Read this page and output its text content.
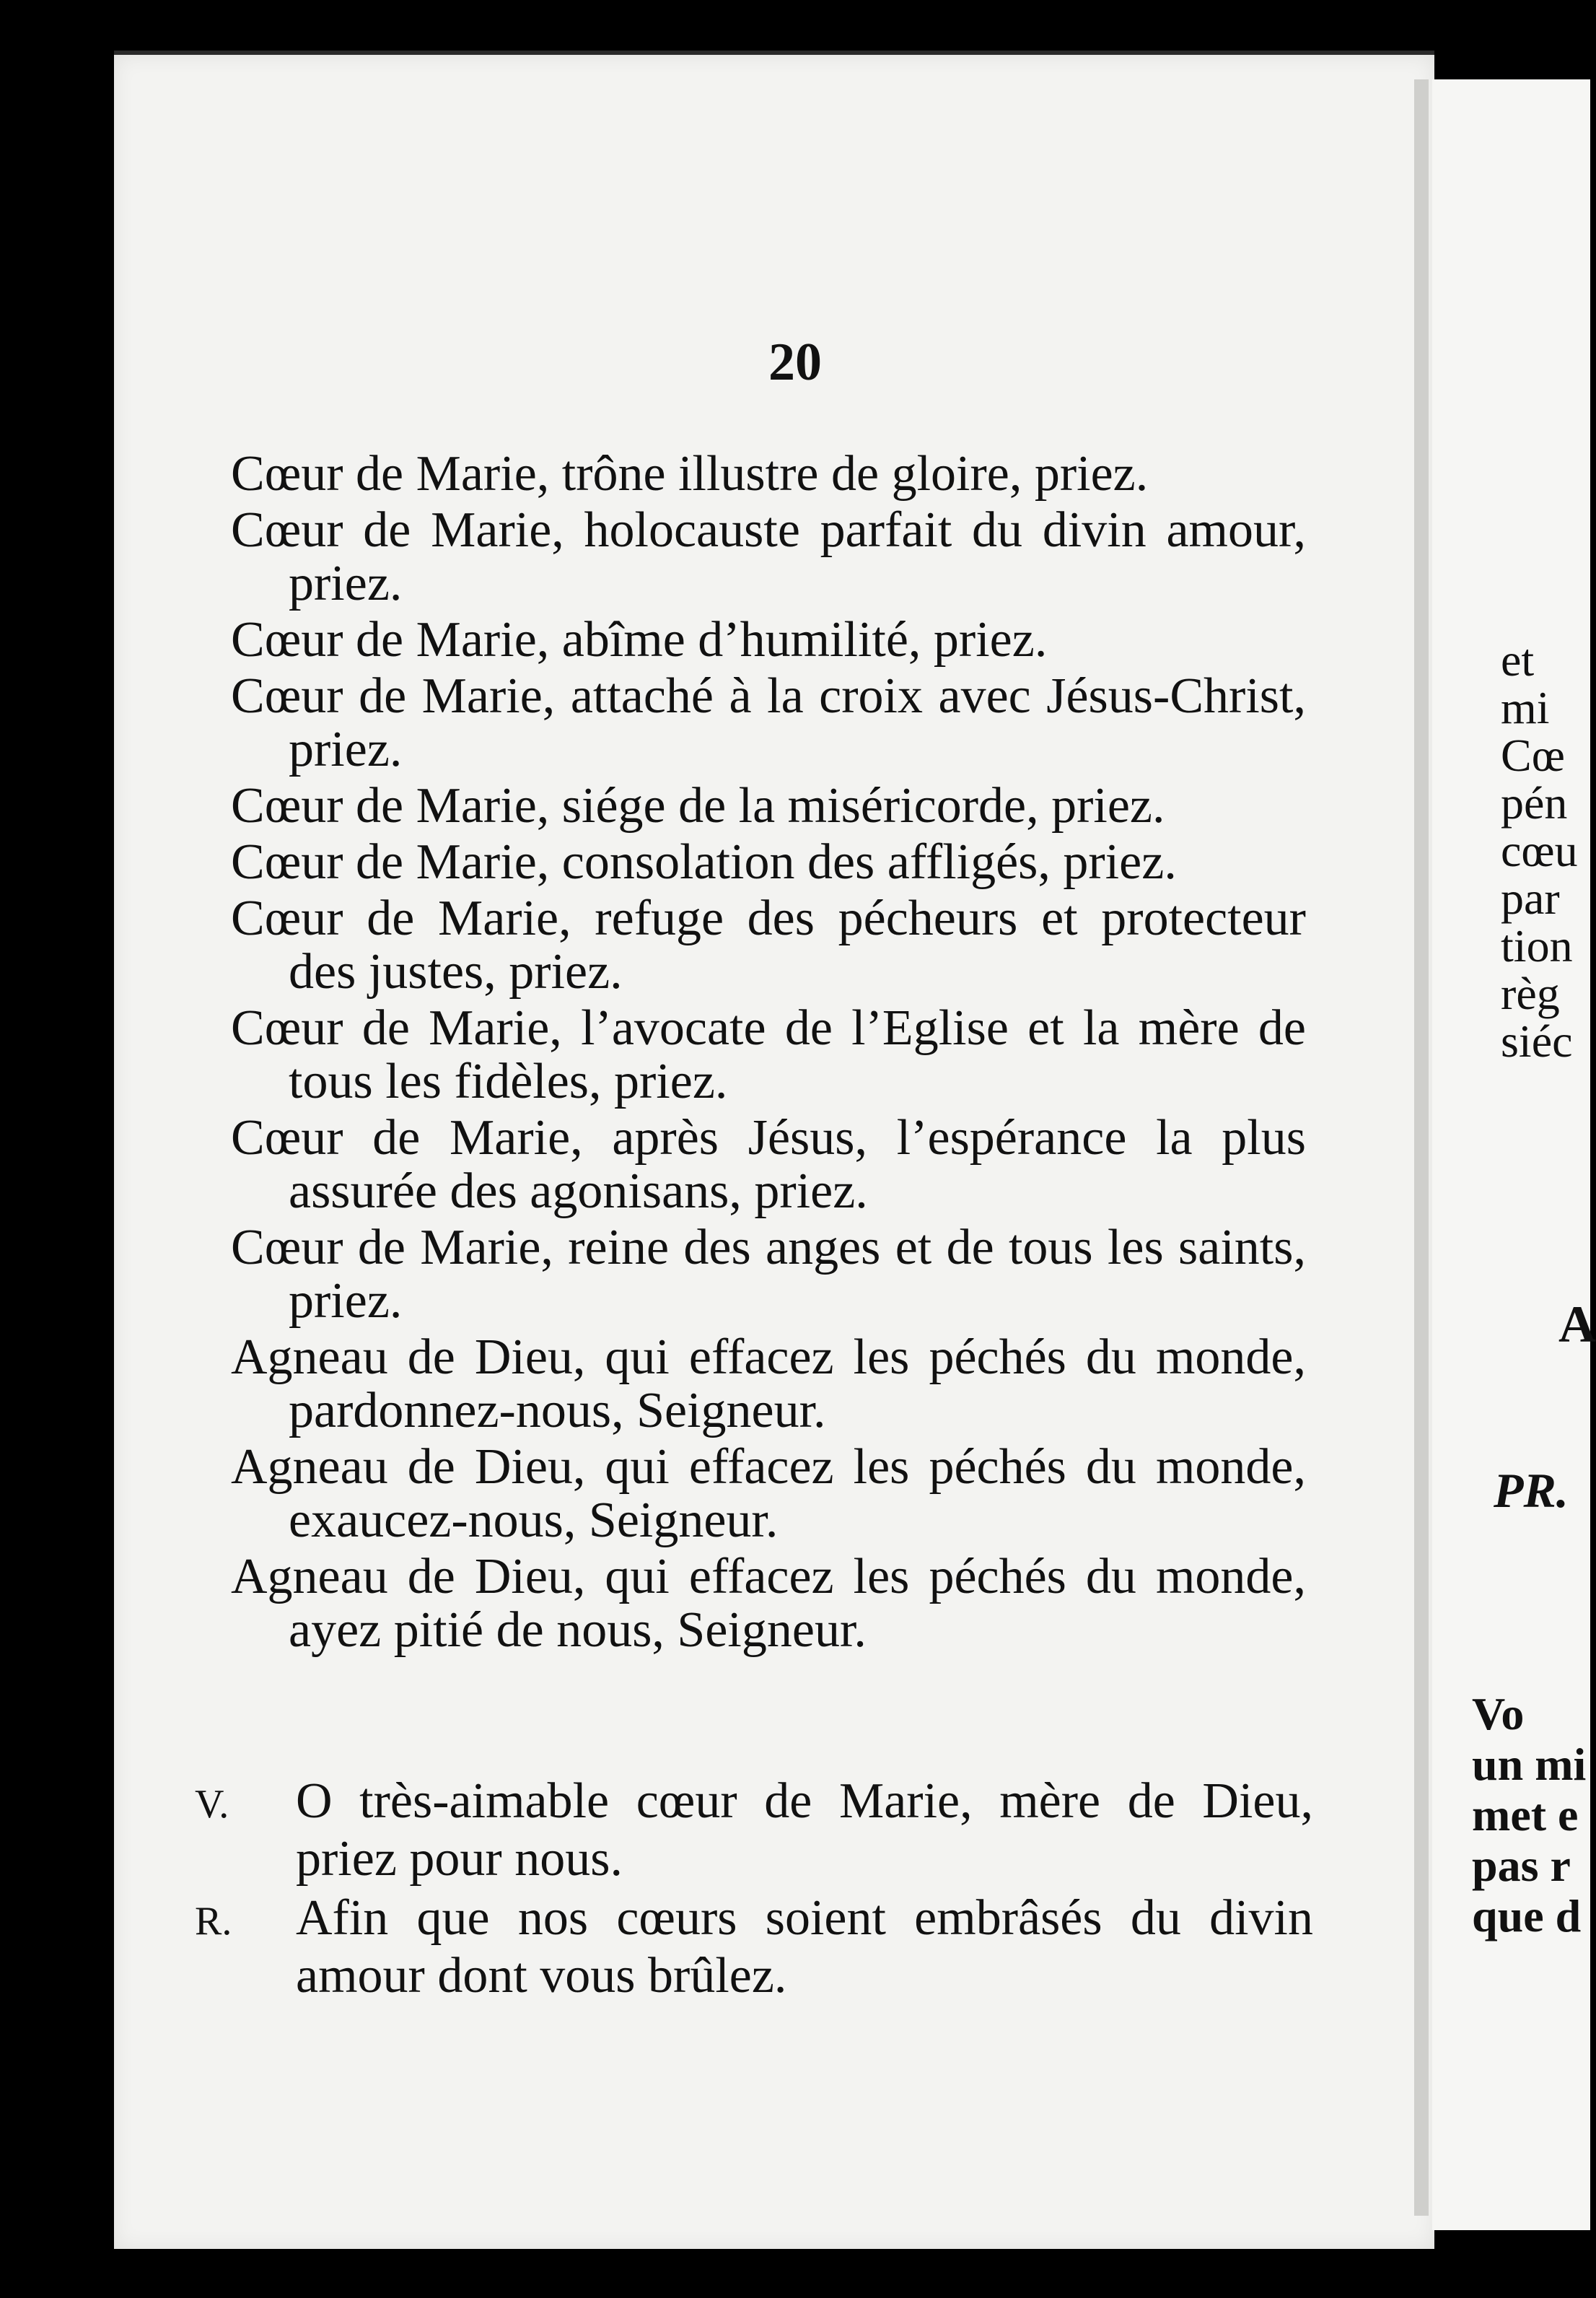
20

Cœur de Marie, trône illustre de gloire, priez.

Cœur de Marie, holocauste parfait du divin amour, priez.

Cœur de Marie, abîme d’humilité, priez.

Cœur de Marie, attaché à la croix avec Jésus-Christ, priez.

Cœur de Marie, siége de la miséricorde, priez.

Cœur de Marie, consolation des affligés, priez.

Cœur de Marie, refuge des pécheurs et protecteur des justes, priez.

Cœur de Marie, l’avocate de l’Eglise et la mère de tous les fidèles, priez.

Cœur de Marie, après Jésus, l’espérance la plus assurée des agonisans, priez.

Cœur de Marie, reine des anges et de tous les saints, priez.

Agneau de Dieu, qui effacez les péchés du monde, pardonnez-nous, Seigneur.

Agneau de Dieu, qui effacez les péchés du monde, exaucez-nous, Seigneur.

Agneau de Dieu, qui effacez les péchés du monde, ayez pitié de nous, Seigneur.

V. O très-aimable cœur de Marie, mère de Dieu, priez pour nous.
R. Afin que nos cœurs soient embrâsés du divin amour dont vous brûlez.
et
mi
Cœ
pén
cœu
par
tion
règ
siéc
A
PR.
Vo
un mi
met e
pas r
que d
